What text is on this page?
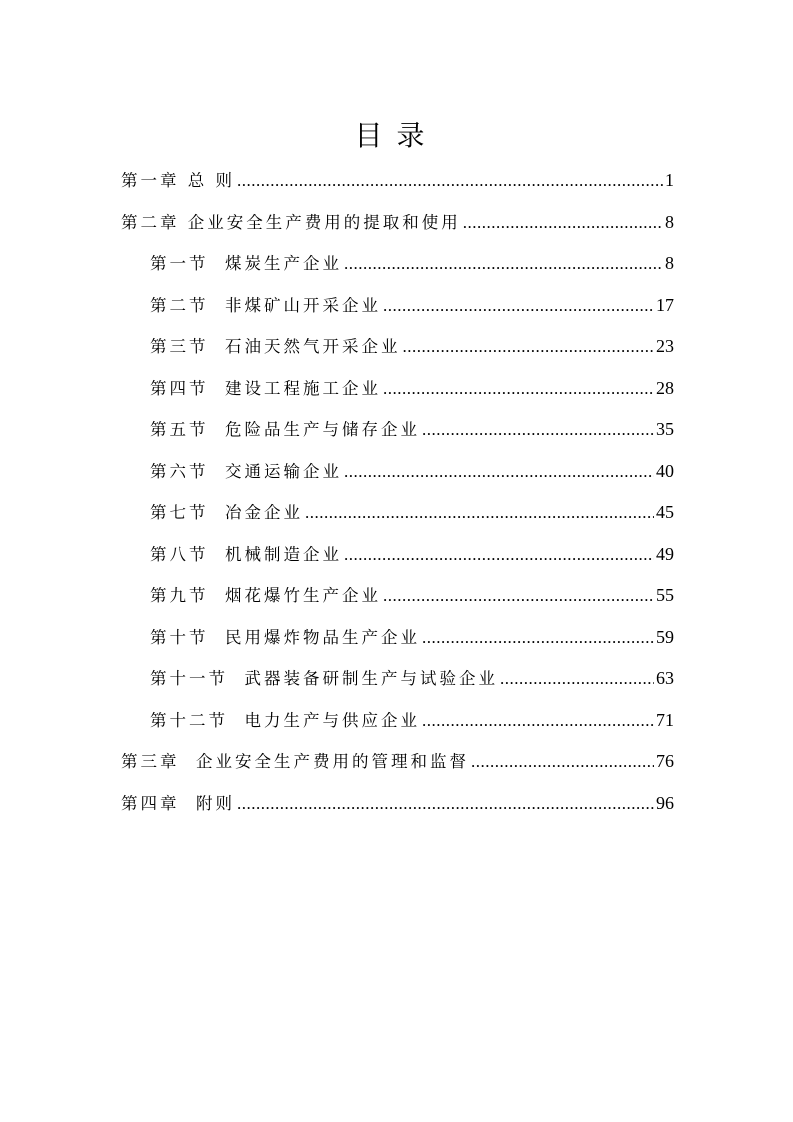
目录
第一章 总 则 .....	1
第二章 企业安全生产费用的提取和使用 .....	8
第一节  煤炭生产企业 .....	8
第二节  非煤矿山开采企业 .....	17
第三节  石油天然气开采企业 .....	23
第四节  建设工程施工企业 .....	28
第五节  危险品生产与储存企业 .....	35
第六节  交通运输企业 .....	40
第七节  冶金企业 .....	45
第八节  机械制造企业 .....	49
第九节  烟花爆竹生产企业 .....	55
第十节  民用爆炸物品生产企业 .....	59
第十一节  武器装备研制生产与试验企业 .....	63
第十二节  电力生产与供应企业 .....	71
第三章  企业安全生产费用的管理和监督 .....	76
第四章  附则 .....	96
